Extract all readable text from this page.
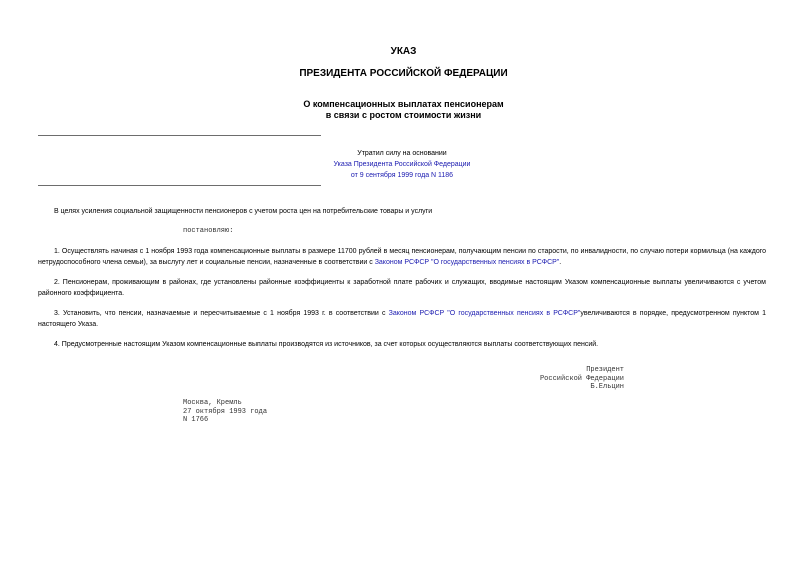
УКАЗ
ПРЕЗИДЕНТА РОССИЙСКОЙ ФЕДЕРАЦИИ
О компенсационных выплатах пенсионерам
в связи с ростом стоимости жизни
Утратил силу на основании
Указа Президента Российской Федерации
от 9 сентября 1999 года N 1186
В целях усиления социальной защищенности пенсионеров с учетом роста цен на потребительские товары и услуги
постановляю:
1. Осуществлять начиная с 1 ноября 1993 года компенсационные выплаты в размере 11700 рублей в месяц пенсионерам, получающим пенсии по старости, по инвалидности, по случаю потери кормильца (на каждого нетрудоспособного члена семьи), за выслугу лет и социальные пенсии, назначенные в соответствии с Законом РСФСР "О государственных пенсиях в РСФСР".
2. Пенсионерам, проживающим в районах, где установлены районные коэффициенты к заработной плате рабочих и служащих, вводимые настоящим Указом компенсационные выплаты увеличиваются с учетом районного коэффициента.
3. Установить, что пенсии, назначаемые и пересчитываемые с 1 ноября 1993 г. в соответствии с Законом РСФСР "О государственных пенсиях в РСФСР"увеличиваются в порядке, предусмотренном пунктом 1 настоящего Указа.
4. Предусмотренные настоящим Указом компенсационные выплаты производятся из источников, за счет которых осуществляются выплаты соответствующих пенсий.
Президент
Российской Федерации
Б.Ельцин
Москва, Кремль
27 октября 1993 года
N 1766
